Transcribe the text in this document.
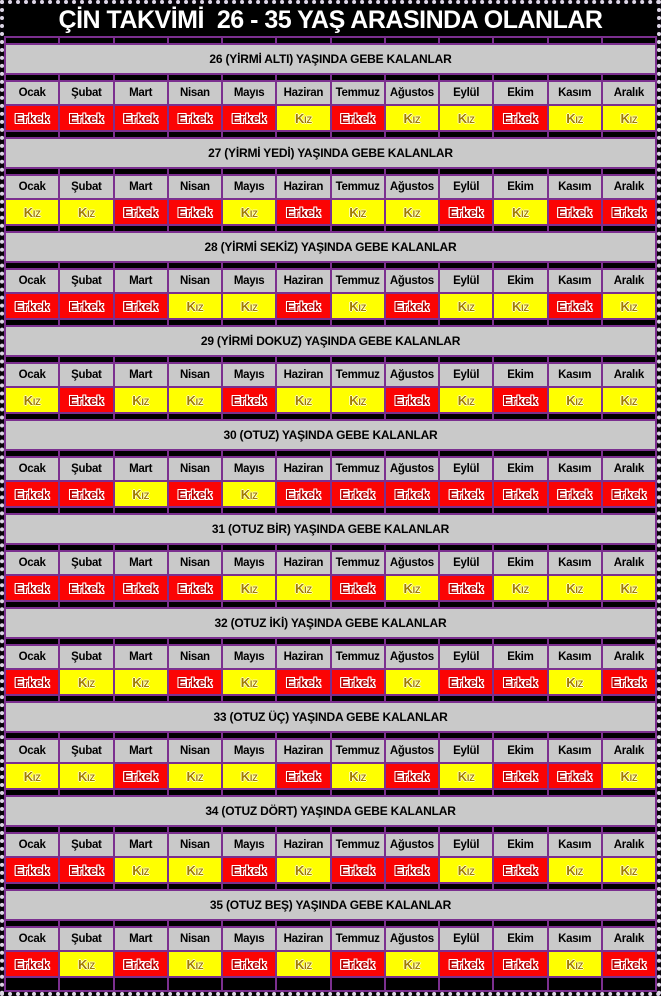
ÇİN TAKVİMİ  26 - 35 YAŞ ARASINDA OLANLAR
26 (YİRMİ ALTI) YAŞINDA GEBE KALANLAR
Ocak	Şubat	Mart	Nisan	Mayıs	Haziran	Temmuz Ağustos	Eylül	Ekim	Kasım	Aralık
Erkek	Erkek	Erkek	Erkek	Erkek	Kız	Erkek	Kız	Kız	Erkek	Kız	Kız
27 (YİRMİ YEDİ) YAŞINDA GEBE KALANLAR
Ocak	Şubat	Mart	Nisan	Mayıs	Haziran	Temmuz Ağustos	Eylül	Ekim	Kasım	Aralık
Kız	Kız	Erkek	Erkek	Kız	Erkek	Kız	Kız	Erkek	Kız	Erkek	Erkek
28 (YİRMİ SEKİZ) YAŞINDA GEBE KALANLAR
Ocak	Şubat	Mart	Nisan	Mayıs	Haziran	Temmuz Ağustos	Eylül	Ekim	Kasım	Aralık
Erkek	Erkek	Erkek	Kız	Kız	Erkek	Kız	Erkek	Kız	Kız	Erkek	Kız
29 (YİRMİ DOKUZ) YAŞINDA GEBE KALANLAR
Ocak	Şubat	Mart	Nisan	Mayıs	Haziran	Temmuz Ağustos	Eylül	Ekim	Kasım	Aralık
Kız	Erkek	Kız	Kız	Erkek	Kız	Kız	Erkek	Kız	Erkek	Kız	Kız
30 (OTUZ) YAŞINDA GEBE KALANLAR
Ocak	Şubat	Mart	Nisan	Mayıs	Haziran	Temmuz Ağustos	Eylül	Ekim	Kasım	Aralık
Erkek	Erkek	Kız	Erkek	Kız	Erkek	Erkek	Erkek	Erkek	Erkek	Erkek	Erkek
31 (OTUZ BİR) YAŞINDA GEBE KALANLAR
Ocak	Şubat	Mart	Nisan	Mayıs	Haziran	Temmuz Ağustos	Eylül	Ekim	Kasım	Aralık
Erkek	Erkek	Erkek	Erkek	Kız	Kız	Erkek	Kız	Erkek	Kız	Kız	Kız
32 (OTUZ İKİ) YAŞINDA GEBE KALANLAR
Ocak	Şubat	Mart	Nisan	Mayıs	Haziran	Temmuz Ağustos	Eylül	Ekim	Kasım	Aralık
Erkek	Kız	Kız	Erkek	Kız	Erkek	Erkek	Kız	Erkek	Erkek	Kız	Erkek
33 (OTUZ ÜÇ) YAŞINDA GEBE KALANLAR
Ocak	Şubat	Mart	Nisan	Mayıs	Haziran	Temmuz Ağustos	Eylül	Ekim	Kasım	Aralık
Kız	Kız	Erkek	Kız	Kız	Erkek	Kız	Erkek	Kız	Erkek	Erkek	Kız
34 (OTUZ DÖRT) YAŞINDA GEBE KALANLAR
Ocak	Şubat	Mart	Nisan	Mayıs	Haziran	Temmuz Ağustos	Eylül	Ekim	Kasım	Aralık
Erkek	Erkek	Kız	Kız	Erkek	Kız	Erkek	Erkek	Kız	Erkek	Kız	Kız
35 (OTUZ BEŞ) YAŞINDA GEBE KALANLAR
Ocak	Şubat	Mart	Nisan	Mayıs	Haziran	Temmuz Ağustos	Eylül	Ekim	Kasım	Aralık
Erkek	Kız	Erkek	Kız	Erkek	Kız	Erkek	Kız	Erkek	Erkek	Kız	Erkek
